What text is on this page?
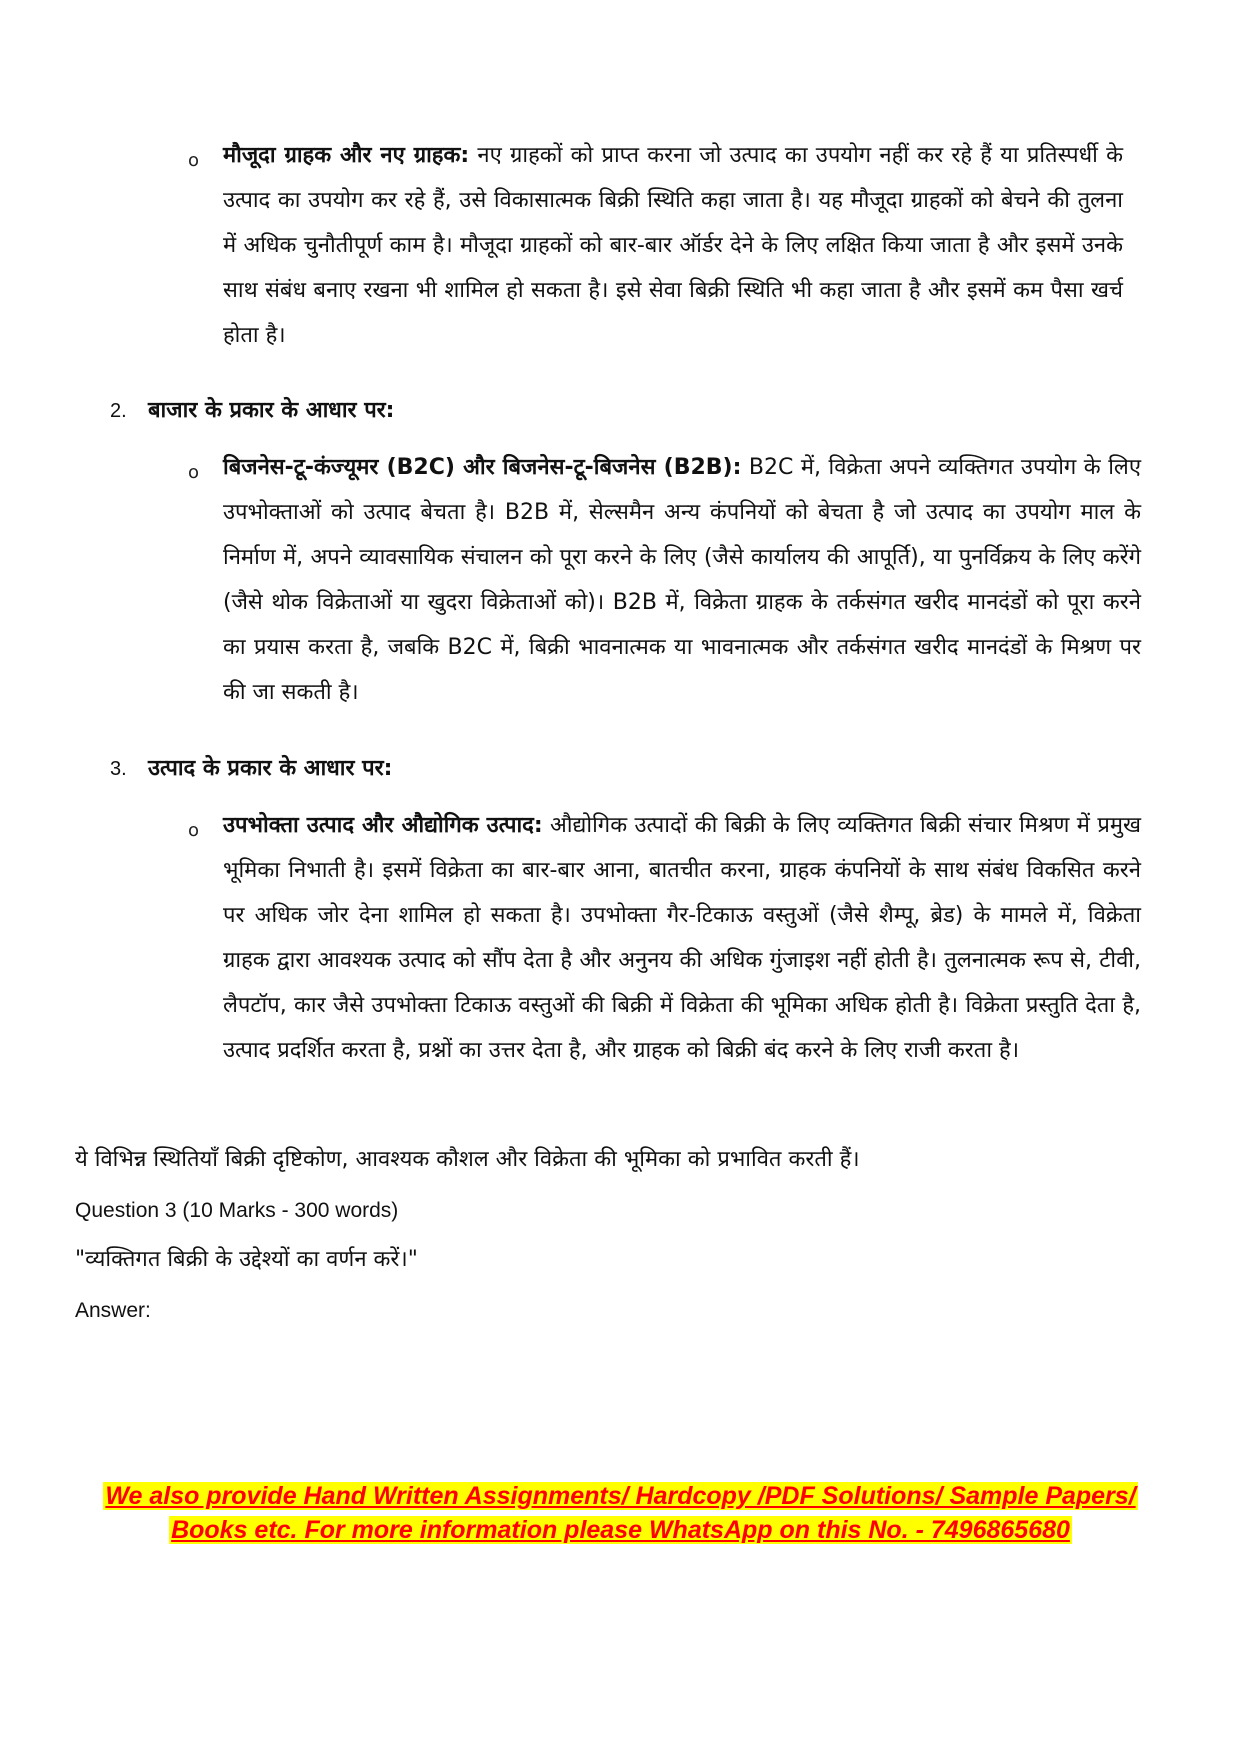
o मौजूदा ग्राहक और नए ग्राहक: नए ग्राहकों को प्राप्त करना जो उत्पाद का उपयोग नहीं कर रहे हैं या प्रतिस्पर्धी के उत्पाद का उपयोग कर रहे हैं, उसे विकासात्मक बिक्री स्थिति कहा जाता है। यह मौजूदा ग्राहकों को बेचने की तुलना में अधिक चुनौतीपूर्ण काम है। मौजूदा ग्राहकों को बार-बार ऑर्डर देने के लिए लक्षित किया जाता है और इसमें उनके साथ संबंध बनाए रखना भी शामिल हो सकता है। इसे सेवा बिक्री स्थिति भी कहा जाता है और इसमें कम पैसा खर्च होता है।
2. बाजार के प्रकार के आधार पर:
o बिजनेस-टू-कंज्यूमर (B2C) और बिजनेस-टू-बिजनेस (B2B): B2C में, विक्रेता अपने व्यक्तिगत उपयोग के लिए उपभोक्ताओं को उत्पाद बेचता है। B2B में, सेल्समैन अन्य कंपनियों को बेचता है जो उत्पाद का उपयोग माल के निर्माण में, अपने व्यावसायिक संचालन को पूरा करने के लिए (जैसे कार्यालय की आपूर्ति), या पुनर्विक्रय के लिए करेंगे (जैसे थोक विक्रेताओं या खुदरा विक्रेताओं को)। B2B में, विक्रेता ग्राहक के तर्कसंगत खरीद मानदंडों को पूरा करने का प्रयास करता है, जबकि B2C में, बिक्री भावनात्मक या भावनात्मक और तर्कसंगत खरीद मानदंडों के मिश्रण पर की जा सकती है।
3. उत्पाद के प्रकार के आधार पर:
o उपभोक्ता उत्पाद और औद्योगिक उत्पाद: औद्योगिक उत्पादों की बिक्री के लिए व्यक्तिगत बिक्री संचार मिश्रण में प्रमुख भूमिका निभाती है। इसमें विक्रेता का बार-बार आना, बातचीत करना, ग्राहक कंपनियों के साथ संबंध विकसित करने पर अधिक जोर देना शामिल हो सकता है। उपभोक्ता गैर-टिकाऊ वस्तुओं (जैसे शैम्पू, ब्रेड) के मामले में, विक्रेता ग्राहक द्वारा आवश्यक उत्पाद को सौंप देता है और अनुनय की अधिक गुंजाइश नहीं होती है। तुलनात्मक रूप से, टीवी, लैपटॉप, कार जैसे उपभोक्ता टिकाऊ वस्तुओं की बिक्री में विक्रेता की भूमिका अधिक होती है। विक्रेता प्रस्तुति देता है, उत्पाद प्रदर्शित करता है, प्रश्नों का उत्तर देता है, और ग्राहक को बिक्री बंद करने के लिए राजी करता है।
ये विभिन्न स्थितियाँ बिक्री दृष्टिकोण, आवश्यक कौशल और विक्रेता की भूमिका को प्रभावित करती हैं।
Question 3 (10 Marks - 300 words)
"व्यक्तिगत बिक्री के उद्देश्यों का वर्णन करें।"
Answer:
We also provide Hand Written Assignments/ Hardcopy /PDF Solutions/ Sample Papers/
Books etc. For more information please WhatsApp on this No. - 7496865680
